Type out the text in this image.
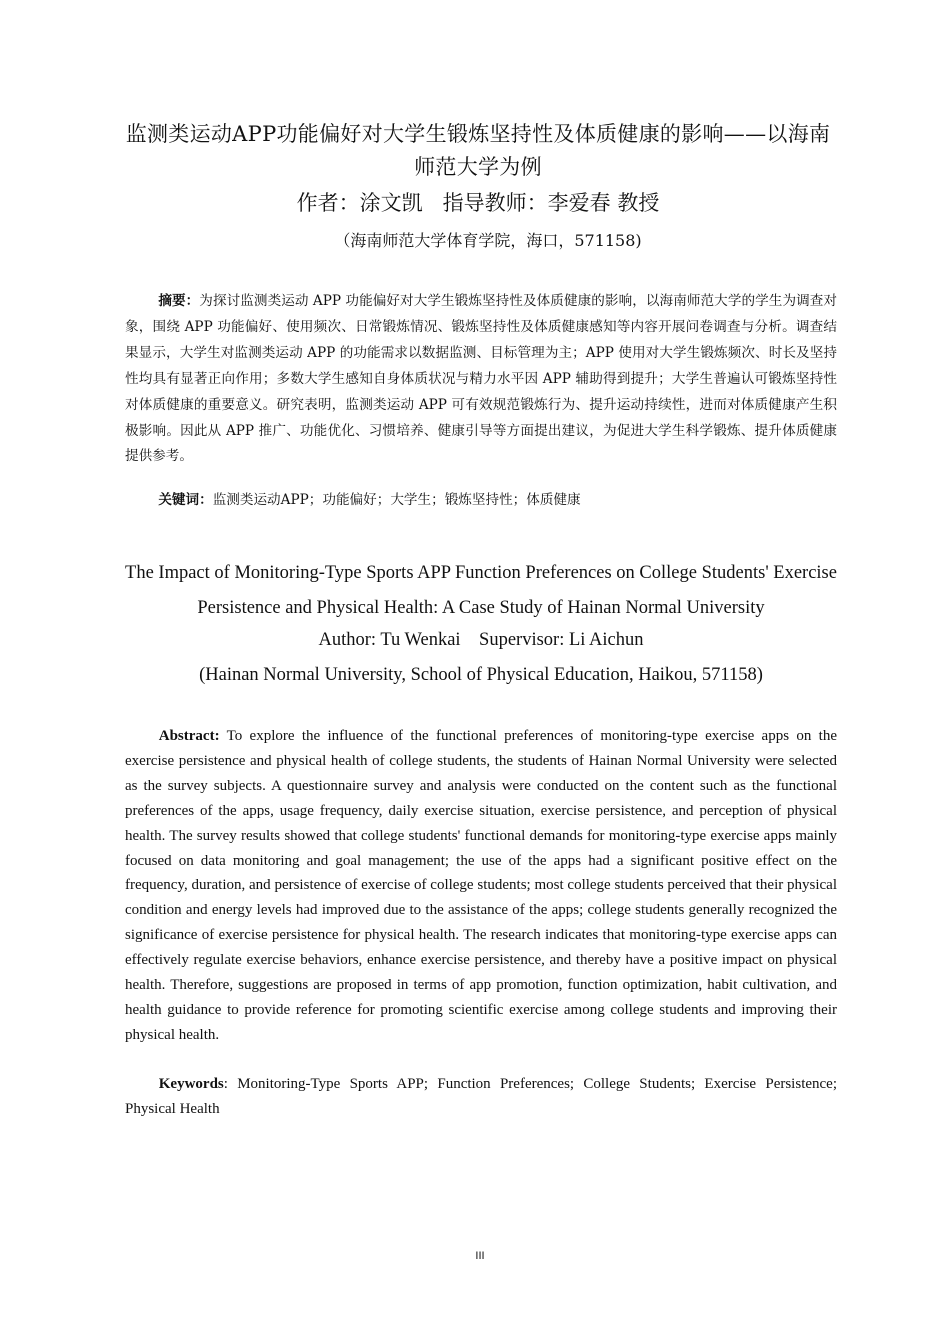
监测类运动APP功能偏好对大学生锻炼坚持性及体质健康的影响——以海南师范大学为例
作者：涂文凯   指导教师：李爱春 教授
（海南师范大学体育学院，海口，571158)

摘要：为探讨监测类运动 APP 功能偏好对大学生锻炼坚持性及体质健康的影响，以海南师范大学的学生为调查对象，围绕 APP 功能偏好、使用频次、日常锻炼情况、锻炼坚持性及体质健康感知等内容开展问卷调查与分析。调查结果显示，大学生对监测类运动 APP 的功能需求以数据监测、目标管理为主；APP 使用对大学生锻炼频次、时长及坚持性均具有显著正向作用；多数大学生感知自身体质状况与精力水平因 APP 辅助得到提升；大学生普遍认可锻炼坚持性对体质健康的重要意义。研究表明，监测类运动 APP 可有效规范锻炼行为、提升运动持续性，进而对体质健康产生积极影响。因此从 APP 推广、功能优化、习惯培养、健康引导等方面提出建议，为促进大学生科学锻炼、提升体质健康提供参考。

关键词：监测类运动APP；功能偏好；大学生；锻炼坚持性；体质健康

The Impact of Monitoring-Type Sports APP Function Preferences on College Students' Exercise Persistence and Physical Health: A Case Study of Hainan Normal University
Author: Tu Wenkai    Supervisor: Li Aichun
(Hainan Normal University, School of Physical Education, Haikou, 571158)

Abstract: To explore the influence of the functional preferences of monitoring-type exercise apps on the exercise persistence and physical health of college students, the students of Hainan Normal University were selected as the survey subjects. A questionnaire survey and analysis were conducted on the content such as the functional preferences of the apps, usage frequency, daily exercise situation, exercise persistence, and perception of physical health. The survey results showed that college students' functional demands for monitoring-type exercise apps mainly focused on data monitoring and goal management; the use of the apps had a significant positive effect on the frequency, duration, and persistence of exercise of college students; most college students perceived that their physical condition and energy levels had improved due to the assistance of the apps; college students generally recognized the significance of exercise persistence for physical health. The research indicates that monitoring-type exercise apps can effectively regulate exercise behaviors, enhance exercise persistence, and thereby have a positive impact on physical health. Therefore, suggestions are proposed in terms of app promotion, function optimization, habit cultivation, and health guidance to provide reference for promoting scientific exercise among college students and improving their physical health.

Keywords: Monitoring-Type Sports APP; Function Preferences; College Students; Exercise Persistence; Physical Health

III
